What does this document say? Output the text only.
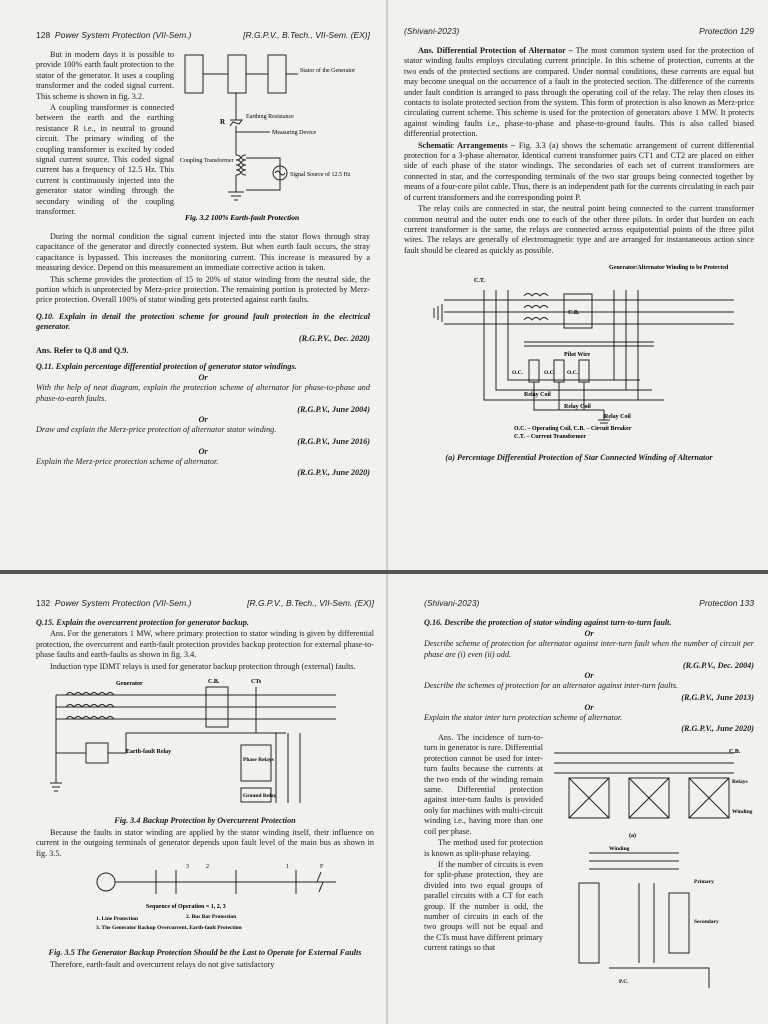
128 Power System Protection (VII-Sem.)	[R.G.P.V., B.Tech., VII-Sem. (EX)]
Stator of the Generator
Earthing Resistance
Measuring Device
R
Coupling Transformer
Signal Source of 12.5 Hz
Fig. 3.2 100% Earth-fault Protection

But in modern days it is possible to provide 100% earth fault protection to the stator of the generator. It uses a coupling transformer and the coded signal current. This scheme is shown in fig. 3.2.

A coupling transformer is connected between the earth and the earthing resistance R i.e., in neutral to ground circuit. The primary winding of the coupling transformer is excited by coded signal current source. This coded signal current has a frequency of 12.5 Hz. This current is continuously injected into the generator stator winding through the secondary winding of the coupling transformer.

During the normal condition the signal current injected into the stator flows through stray capacitance of the generator and directly connected system. But when earth fault occurs, the stray capacitance is bypassed. This increases the monitoring current. This increase is measured by a measuring device. Depend on this measurement an immediate corrective action is taken.

This scheme provides the protection of 15 to 20% of stator winding from the neutral side, the portion which is unprotected by Merz-price protection. The remaining portion is protected by Merz-price protection. Overall 100% of stator winding gets protected against earth faults.

Q.10. Explain in detail the protection scheme for ground fault protection in the electrical generator.

(R.G.P.V., Dec. 2020)

Ans. Refer to Q.8 and Q.9.

Q.11. Explain percentage differential protection of generator stator windings.

Or

With the help of neat diagram, explain the protection scheme of alternator for phase-to-phase and phase-to-earth faults.

(R.G.P.V., June 2004)
Or

Draw and explain the Merz-price protection of alternator stator winding.

(R.G.P.V., June 2016)
Or

Explain the Merz-price protection scheme of alternator.

(R.G.P.V., June 2020)
(Shivani-2023)	Protection 129

Ans. Differential Protection of Alternator – The most common system used for the protection of stator winding faults employs circulating current principle. In this scheme of protection, currents at the two ends of the protected sections are compared. Under normal conditions, these currents are equal but may become unequal on the occurrence of a fault in the protected section. The difference of the currents under fault condition is arranged to pass through the operating coil of the relay. The relay then closes its contacts to isolate protected section from the system. This form of protection is also known as Merz-price circulating current scheme. This scheme is used for the protection of generators above 1 MW. It protects against winding faults i.e., phase-to-phase and phase-to-ground faults. This is also called biased differential protection.

Schematic Arrangements – Fig. 3.3 (a) shows the schematic arrangement of current differential protection for a 3-phase alternator. Identical current transformer pairs CT1 and CT2 are placed on either side of each phase of the stator windings. The secondaries of each set of current transformers are connected in star, and the corresponding terminals of the two star groups being connected together by means of a four-core pilot cable. Thus, there is an independent path for the currents circulating in each pair of current transformers and the corresponding point P.

The relay coils are connected in star, the neutral point being connected to the current transformer common neutral and the outer ends one to each of the other three pilots. In order that burden on each current transformer is the same, the relays are connected across equipotential points of the three pilot wires. The relays are generally of electromagnetic type and are arranged for instantaneous action since fault should be cleared as quickly as possible.

Generator/Alternator Winding to be Protected
C.T.
C.B.
Pilot Wire
O.C.	O.C. O.C.
Relay Coil
Relay Coil
Relay Coil
O.C. – Operating Coil, C.B. – Circuit Breaker
C.T. – Current Transformer
(a) Percentage Differential Protection of Star Connected Winding of Alternator
132 Power System Protection (VII-Sem.)	[R.G.P.V., B.Tech., VII-Sem. (EX)]

Q.15. Explain the overcurrent protection for generator backup.

Ans. For the generators 1 MW, where primary protection to stator winding is given by differential protection, the overcurrent and earth-fault protection provides backup protection for external phase-to-phase faults and earth-faults as shown in fig. 3.4.

Induction type IDMT relays is used for generator backup protection through (external) faults.

Generator	C.B.	CTs
Earth-fault Relay
Phase Relays
Ground Relay
Fig. 3.4 Backup Protection by Overcurrent Protection

Because the faults in stator winding are applied by the stator winding itself, their influence on current in the outgoing terminals of generator depends upon fault level of the main bus as shown in fig. 3.5.

3	2	1	F
Sequence of Operation = 1, 2, 3
1. Line Protection	2. Bus Bar Protection
3. The Generator Backup Overcurrent, Earth-fault Protection
Fig. 3.5 The Generator Backup Protection Should be the Last to Operate for External Faults

Therefore, earth-fault and overcurrent relays do not give satisfactory

(Shivani-2023)	Protection 133

Q.16. Describe the protection of stator winding against turn-to-turn fault.

Or

Describe scheme of protection for alternator against inter-turn fault when the number of circuit per phase are (i) even (ii) odd.

(R.G.P.V., Dec. 2004)
Or

Describe the schemes of protection for an alternator against inter-turn faults.

(R.G.P.V., June 2013)
Or

Explain the stator inter turn protection scheme of alternator.

(R.G.P.V., June 2020)
C.B.
Relays
Winding
(a)
Winding
Primary
Secondary
P.C.

Ans. The incidence of turn-to-turn in generator is rare. Differential protection cannot be used for inter-turn faults because the currents at the two ends of the winding remain same. Differential protection against inter-turn faults is provided only for machines with multi-circuit winding i.e., having more than one coil per phase.

The method used for protection is known as split-phase relaying.

If the number of circuits is even for split-phase protection, they are divided into two equal groups of parallel circuits with a CT for each group. If the number is odd, the number of circuits in each of the two groups will not be equal and the CTs must have different primary current ratings so that
